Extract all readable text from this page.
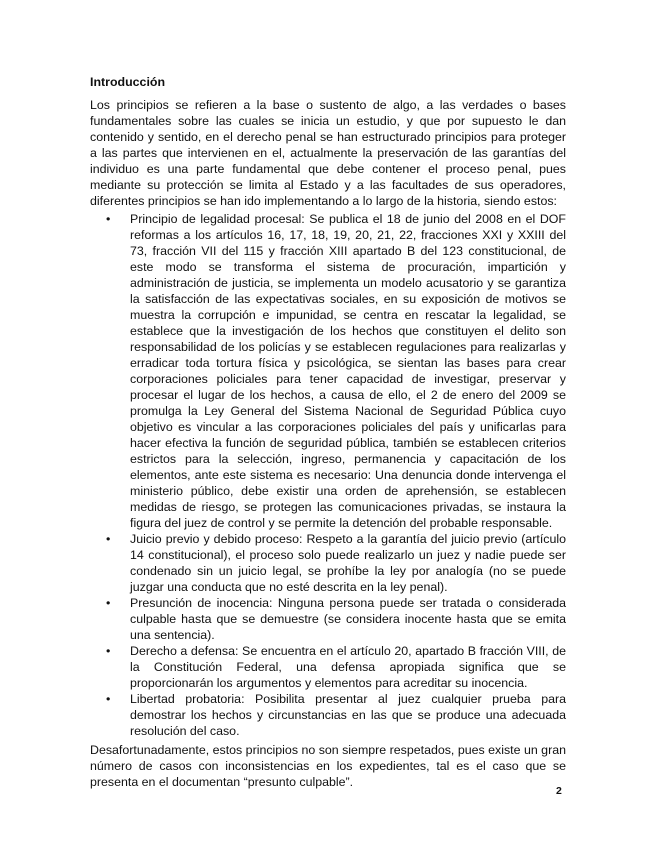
Introducción

Los principios se refieren a la base o sustento de algo, a las verdades o bases fundamentales sobre las cuales se inicia un estudio, y que por supuesto le dan contenido y sentido, en el derecho penal se han estructurado principios para proteger a las partes que intervienen en el, actualmente la preservación de las garantías del individuo es una parte fundamental que debe contener el proceso penal, pues mediante su protección se limita al Estado y a las facultades de sus operadores, diferentes principios se han ido implementando a lo largo de la historia, siendo estos:

•	Principio de legalidad procesal: Se publica el 18 de junio del 2008 en el DOF reformas a los artículos 16, 17, 18, 19, 20, 21, 22, fracciones XXI y XXIII del 73, fracción VII del 115 y fracción XIII apartado B del 123 constitucional, de este modo se transforma el sistema de procuración, impartición y administración de justicia, se implementa un modelo acusatorio y se garantiza la satisfacción de las expectativas sociales, en su exposición de motivos se muestra la corrupción e impunidad, se centra en rescatar la legalidad, se establece que la investigación de los hechos que constituyen el delito son responsabilidad de los policías y se establecen regulaciones para realizarlas y erradicar toda tortura física y psicológica, se sientan las bases para crear corporaciones policiales para tener capacidad de investigar, preservar y procesar el lugar de los hechos, a causa de ello, el 2 de enero del 2009 se promulga la Ley General del Sistema Nacional de Seguridad Pública cuyo objetivo es vincular a las corporaciones policiales del país y unificarlas para hacer efectiva la función de seguridad pública, también se establecen criterios estrictos para la selección, ingreso, permanencia y capacitación de los elementos, ante este sistema es necesario: Una denuncia donde intervenga el ministerio público, debe existir una orden de aprehensión, se establecen medidas de riesgo, se protegen las comunicaciones privadas, se instaura la figura del juez de control y se permite la detención del probable responsable.
•	Juicio previo y debido proceso: Respeto a la garantía del juicio previo (artículo 14 constitucional), el proceso solo puede realizarlo un juez y nadie puede ser condenado sin un juicio legal, se prohíbe la ley por analogía (no se puede juzgar una conducta que no esté descrita en la ley penal).
•	Presunción de inocencia: Ninguna persona puede ser tratada o considerada culpable hasta que se demuestre (se considera inocente hasta que se emita una sentencia).
•	Derecho a defensa: Se encuentra en el artículo 20, apartado B fracción VIII, de la Constitución Federal, una defensa apropiada significa que se proporcionarán los argumentos y elementos para acreditar su inocencia.
•	Libertad probatoria: Posibilita presentar al juez cualquier prueba para demostrar los hechos y circunstancias en las que se produce una adecuada resolución del caso.

Desafortunadamente, estos principios no son siempre respetados, pues existe un gran número de casos con inconsistencias en los expedientes, tal es el caso que se presenta en el documentan “presunto culpable”.

2
